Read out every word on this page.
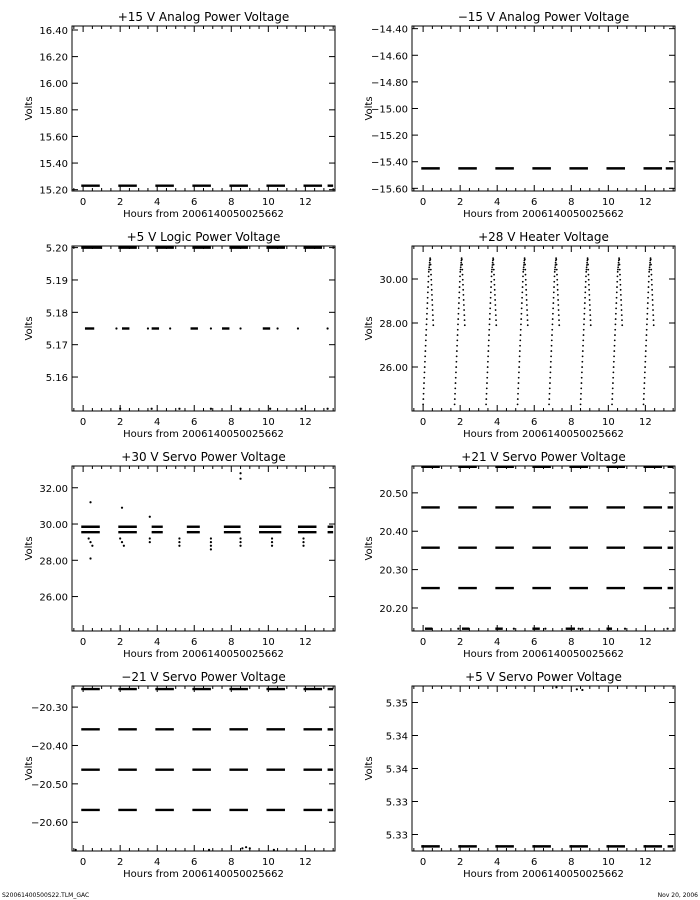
+15 V Analog Power Voltage
0	2	4	6	8	10 12
15.20
15.40
15.60
15.80
16.00
16.20
16.40
Hours from 2006140050025662
Volts
−15 V Analog Power Voltage
0	2	4	6	8	10 12
−15.60
−15.40
−15.20
−15.00
−14.80
−14.60
−14.40
Hours from 2006140050025662
Volts
+5 V Logic Power Voltage
0	2	4	6	8	10 12
5.16
5.17
5.18
5.19
5.20
Hours from 2006140050025662
Volts
+28 V Heater Voltage
0	2	4	6	8	10 12
26.00
28.00
30.00
Hours from 2006140050025662
Volts
+30 V Servo Power Voltage
0	2	4	6	8	10 12
26.00
28.00
30.00
32.00
Hours from 2006140050025662
Volts
+21 V Servo Power Voltage
0	2	4	6	8	10 12
20.20
20.30
20.40
20.50
Hours from 2006140050025662
Volts
−21 V Servo Power Voltage
0	2	4	6	8	10 12
−20.60
−20.50
−20.40
−20.30
Hours from 2006140050025662
Volts
+5 V Servo Power Voltage
0	2	4	6	8	10 12
5.33
5.33
5.34
5.34
5.35
Hours from 2006140050025662
Volts
S20061400500S22.TLM_GAC	Nov 20, 2006
